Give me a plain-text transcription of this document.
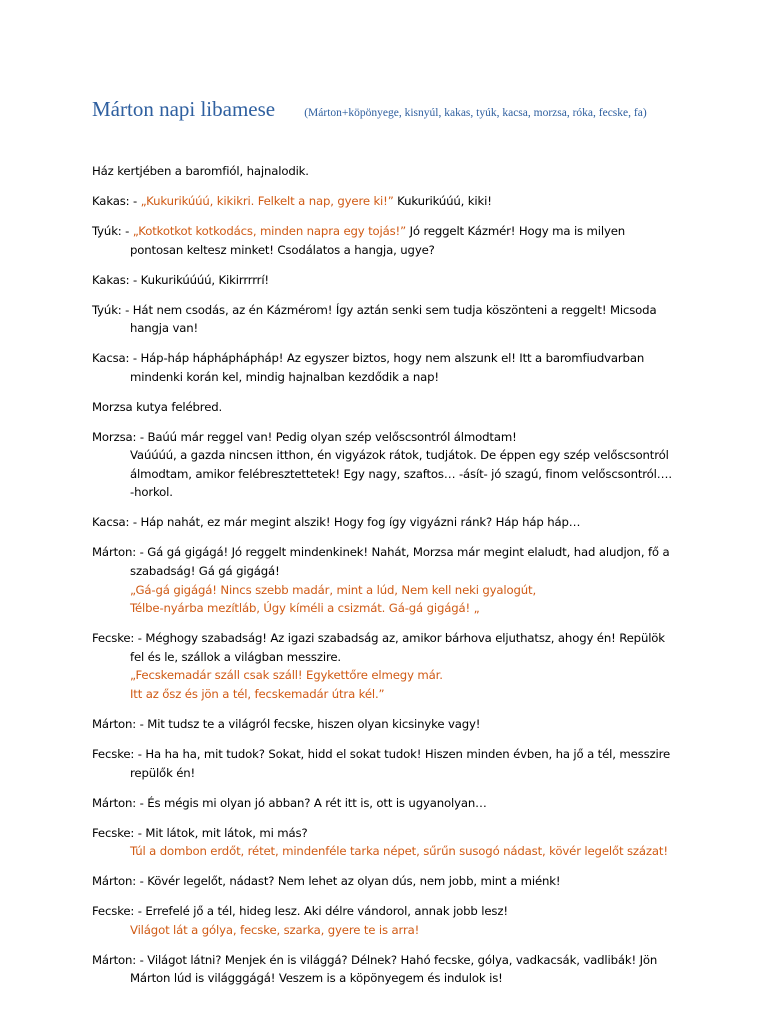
Márton napi libamese	(Márton+köpönyege, kisnyúl, kakas, tyúk, kacsa, morzsa, róka, fecske, fa)
Ház kertjében a baromfiól, hajnalodik.
Kakas: - „Kukurikúúú, kikikri. Felkelt a nap, gyere ki!” Kukurikúúú, kiki!
Tyúk: - „Kotkotkot kotkodács, minden napra egy tojás!” Jó reggelt Kázmér! Hogy ma is milyen
pontosan keltesz minket! Csodálatos a hangja, ugye?
Kakas: - Kukurikúúúú, Kikirrrrrí!
Tyúk: - Hát nem csodás, az én Kázmérom! Így aztán senki sem tudja köszönteni a reggelt! Micsoda
hangja van!
Kacsa: - Háp-háp hápháphápháp! Az egyszer biztos, hogy nem alszunk el! Itt a baromfiudvarban
mindenki korán kel, mindig hajnalban kezdődik a nap!
Morzsa kutya felébred.
Morzsa: - Baúú már reggel van! Pedig olyan szép velőscsontról álmodtam!
Vaúúúú, a gazda nincsen itthon, én vigyázok rátok, tudjátok. De éppen egy szép velőscsontról
álmodtam, amikor felébresztettetek! Egy nagy, szaftos… -ásít- jó szagú, finom velőscsontról….
-horkol.
Kacsa: - Háp nahát, ez már megint alszik! Hogy fog így vigyázni ránk? Háp háp háp…
Márton: - Gá gá gigágá! Jó reggelt mindenkinek! Nahát, Morzsa már megint elaludt, had aludjon, fő a
szabadság! Gá gá gigágá!
„Gá-gá gigágá! Nincs szebb madár, mint a lúd, Nem kell neki gyalogút,
Télbe-nyárba mezítláb, Úgy kíméli a csizmát. Gá-gá gigágá! „
Fecske: - Méghogy szabadság! Az igazi szabadság az, amikor bárhova eljuthatsz, ahogy én! Repülök
fel és le, szállok a világban messzire.
„Fecskemadár száll csak száll! Egykettőre elmegy már.
Itt az ősz és jön a tél, fecskemadár útra kél.”
Márton: - Mit tudsz te a világról fecske, hiszen olyan kicsinyke vagy!
Fecske: - Ha ha ha, mit tudok? Sokat, hidd el sokat tudok! Hiszen minden évben, ha jő a tél, messzire
repülők én!
Márton: - És mégis mi olyan jó abban? A rét itt is, ott is ugyanolyan…
Fecske: - Mit látok, mit látok, mi más?
Túl a dombon erdőt, rétet, mindenféle tarka népet, sűrűn susogó nádast, kövér legelőt százat!
Márton: - Kövér legelőt, nádast? Nem lehet az olyan dús, nem jobb, mint a miénk!
Fecske: - Errefelé jő a tél, hideg lesz. Aki délre vándorol, annak jobb lesz!
Világot lát a gólya, fecske, szarka, gyere te is arra!
Márton: - Világot látni? Menjek én is világgá? Délnek? Hahó fecske, gólya, vadkacsák, vadlibák! Jön
Márton lúd is világggágá! Veszem is a köpönyegem és indulok is!
